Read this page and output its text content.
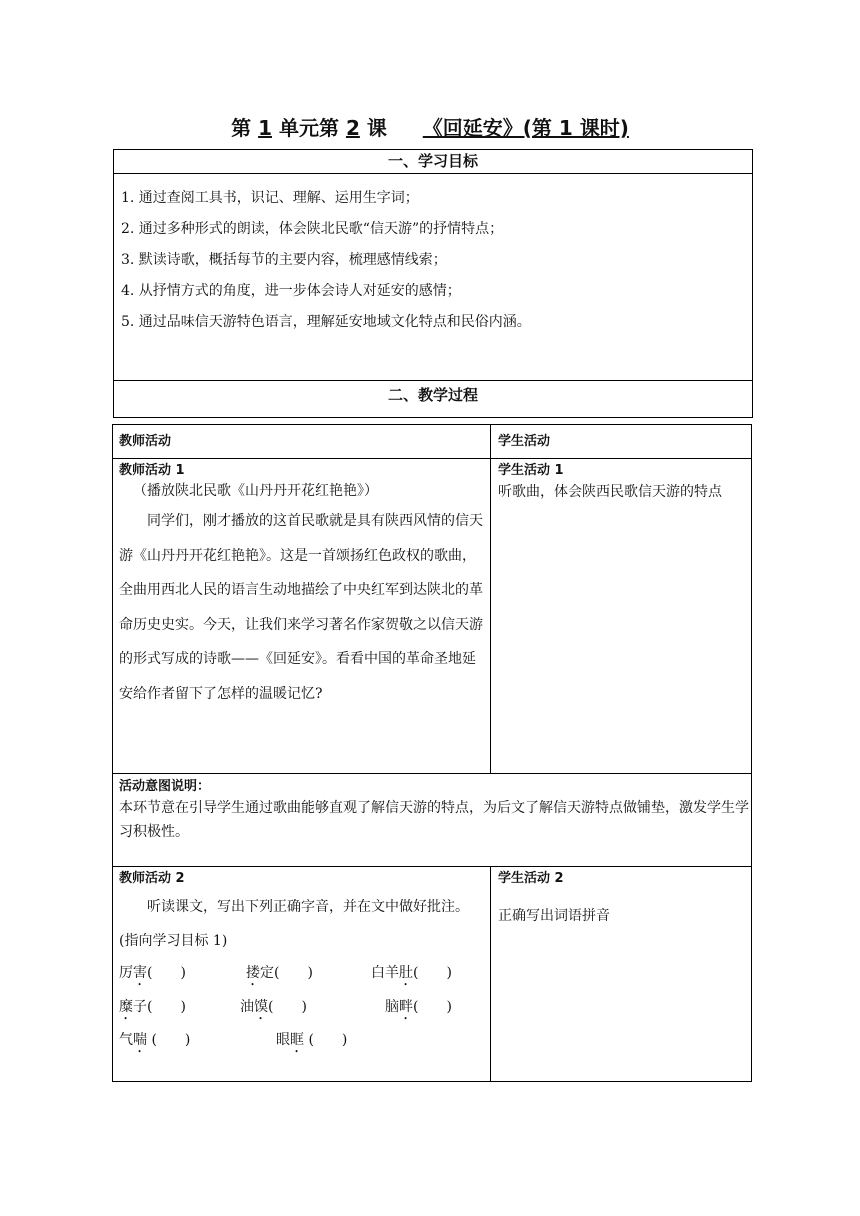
第 1 单元第 2 课 《回延安》(第 1 课时)
一、学习目标
1. 通过查阅工具书，识记、理解、运用生字词；
2. 通过多种形式的朗读，体会陕北民歌“信天游”的抒情特点；
3. 默读诗歌，概括每节的主要内容，梳理感情线索；
4. 从抒情方式的角度，进一步体会诗人对延安的感情；
5. 通过品味信天游特色语言，理解延安地域文化特点和民俗内涵。
二、教学过程
教师活动	学生活动
教师活动 1
（播放陕北民歌《山丹丹开花红艳艳》）

同学们，刚才播放的这首民歌就是具有陕西风情的信天游《山丹丹开花红艳艳》。这是一首颂扬红色政权的歌曲，全曲用西北人民的语言生动地描绘了中央红军到达陕北的革命历史史实。今天，让我们来学习著名作家贺敬之以信天游的形式写成的诗歌——《回延安》。看看中国的革命圣地延安给作者留下了怎样的温暖记忆?

学生活动 1
听歌曲，体会陕西民歌信天游的特点
活动意图说明：
本环节意在引导学生通过歌曲能够直观了解信天游的特点，为后文了解信天游特点做铺垫，激发学生学习积极性。
教师活动 2

听读课文，写出下列正确字音，并在文中做好批注。(指向学习目标 1)

厉害(　　)	搂定(　　)	白羊肚(　　)
糜子(　　)	油馍(　　)	脑畔(　　)
气喘 (　　)	眼眶 (　　)
学生活动 2
正确写出词语拼音
